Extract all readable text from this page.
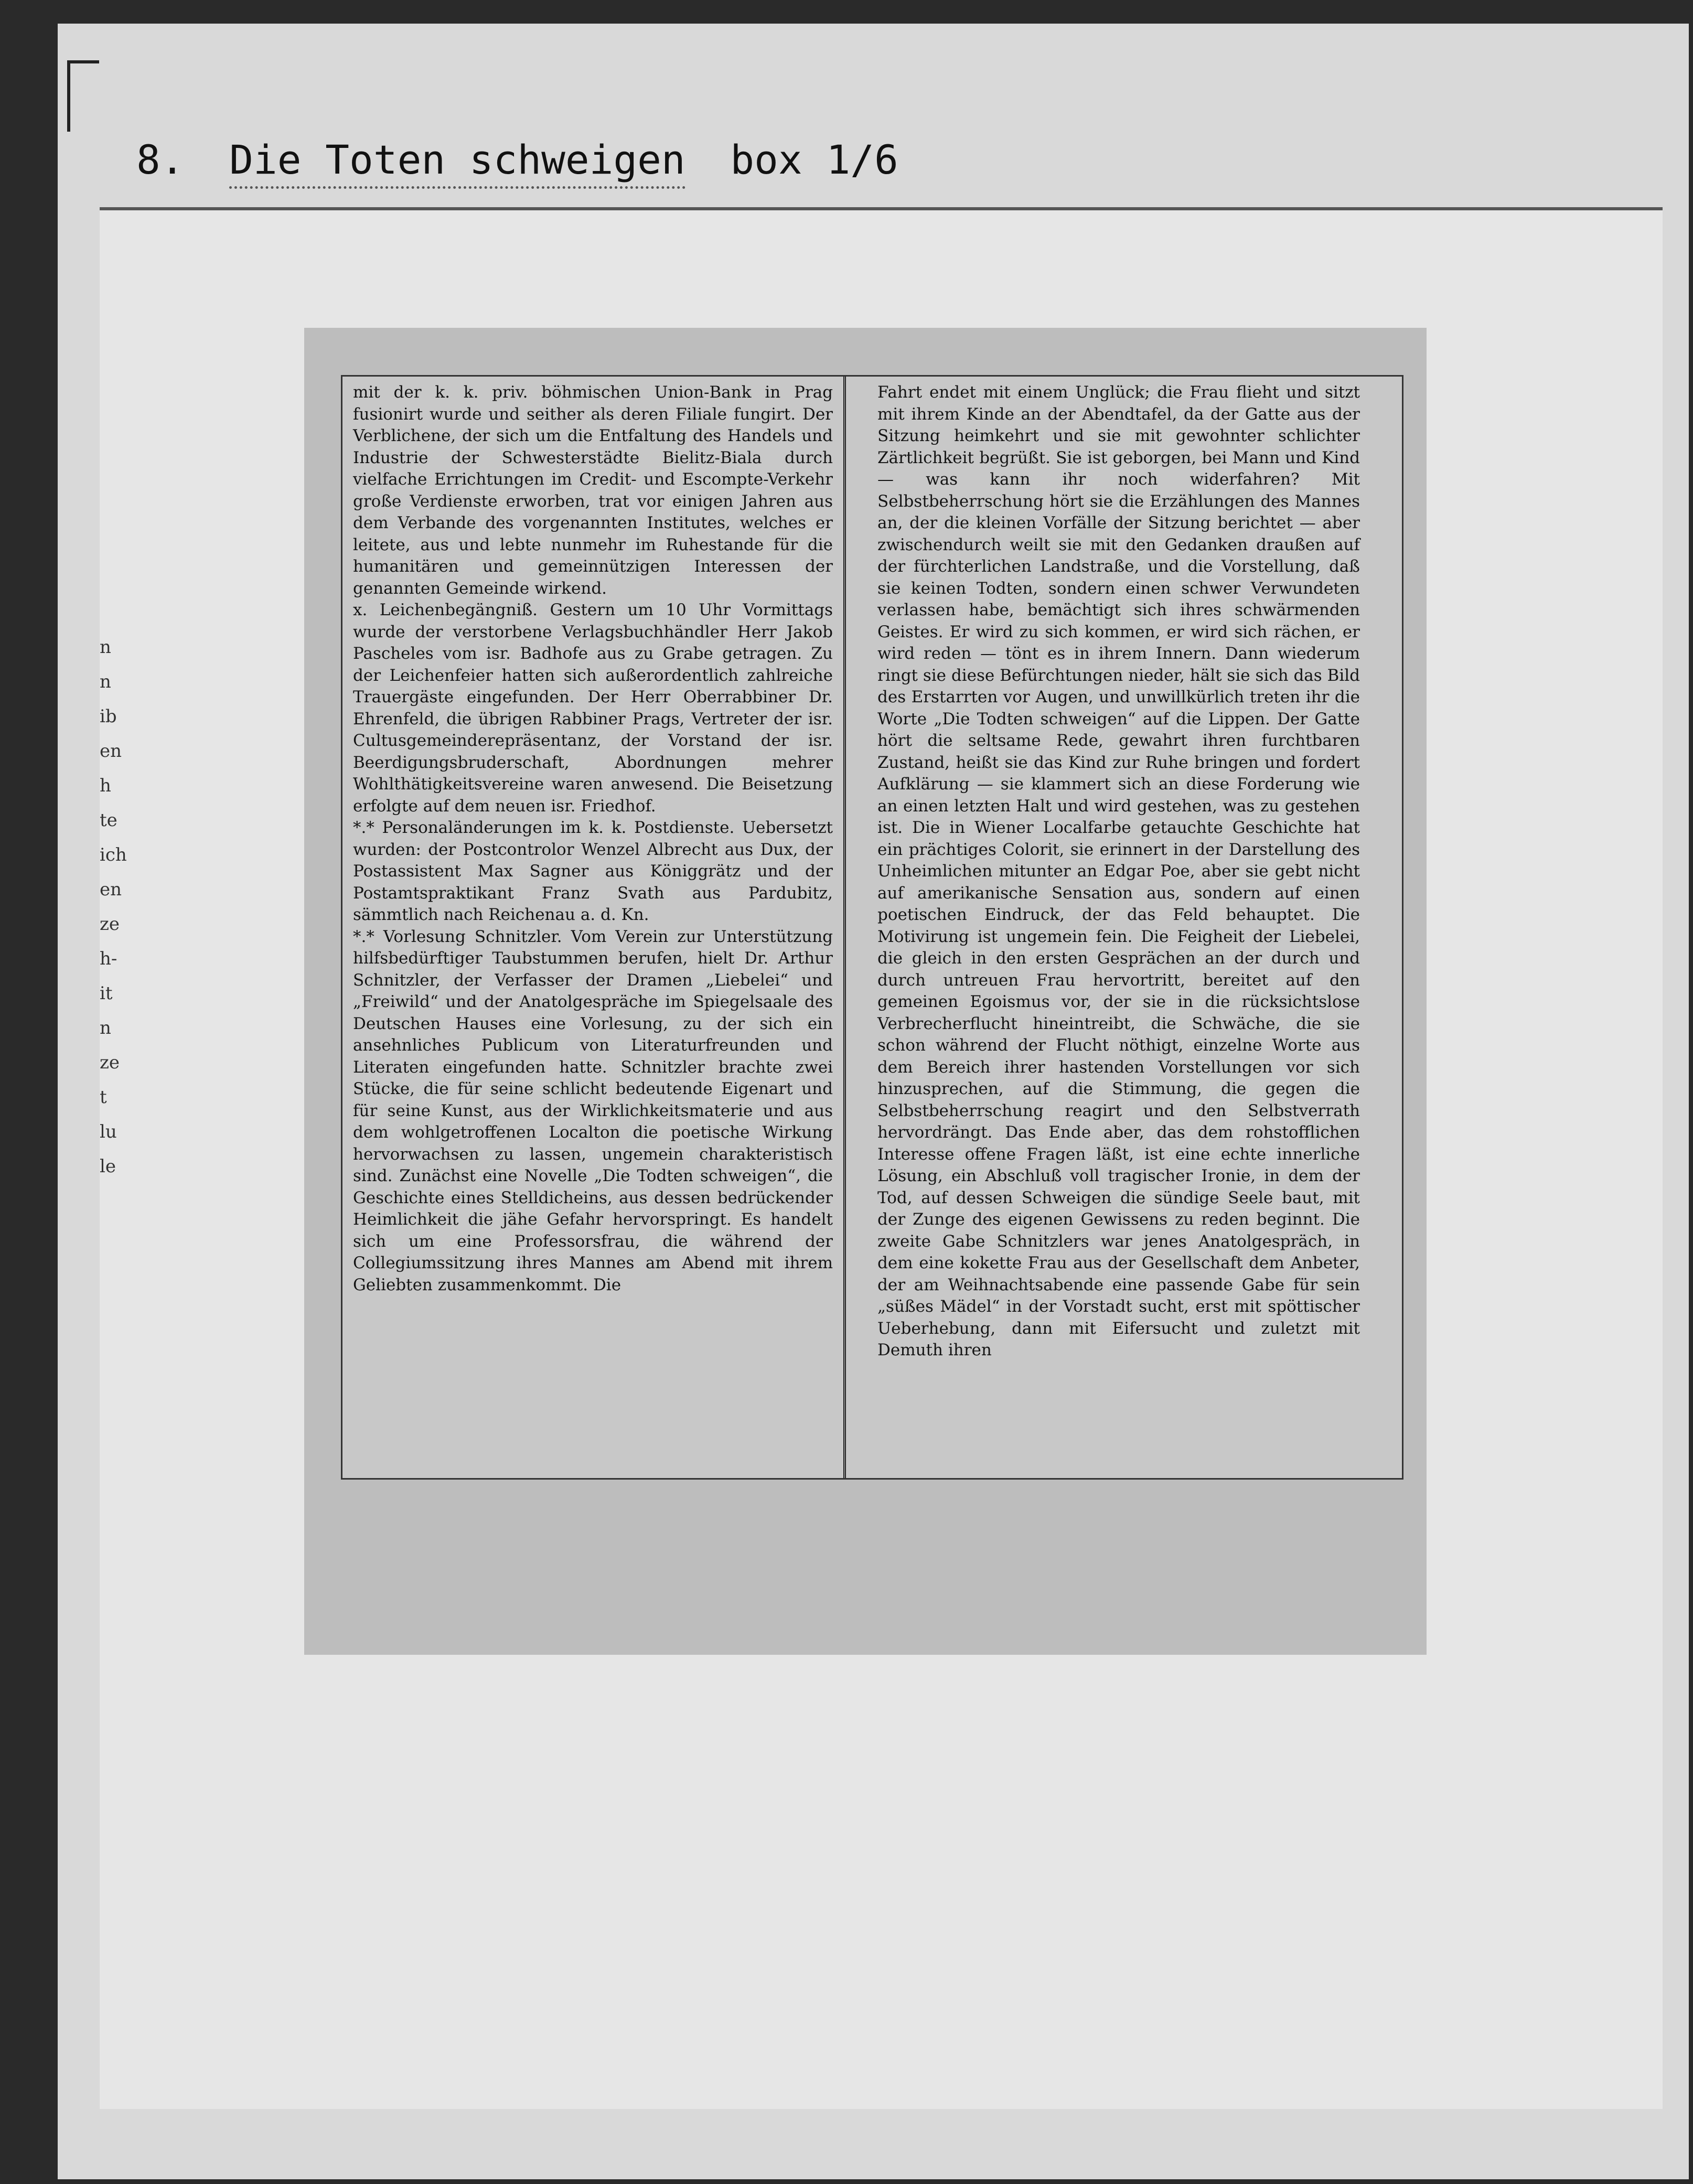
8. Die Toten schweigen box 1/6
n
n
ib
en
h
te
ich
en
ze
h-
it
n
ze
t
lu
le

mit der k. k. priv. böhmischen Union-Bank in Prag fusionirt wurde und seither als deren Filiale fungirt. Der Verblichene, der sich um die Entfaltung des Handels und Industrie der Schwesterstädte Bielitz-Biala durch vielfache Errichtungen im Credit- und Escompte-Verkehr große Verdienste erworben, trat vor einigen Jahren aus dem Verbande des vorgenannten Institutes, welches er leitete, aus und lebte nunmehr im Ruhestande für die humanitären und gemeinnützigen Interessen der genannten Gemeinde wirkend.

x. Leichenbegängniß. Gestern um 10 Uhr Vormittags wurde der verstorbene Verlagsbuchhändler Herr Jakob Pascheles vom isr. Badhofe aus zu Grabe getragen. Zu der Leichenfeier hatten sich außerordentlich zahlreiche Trauergäste eingefunden. Der Herr Oberrabbiner Dr. Ehrenfeld, die übrigen Rabbiner Prags, Vertreter der isr. Cultusgemeinderepräsentanz, der Vorstand der isr. Beerdigungsbruderschaft, Abordnungen mehrer Wohlthätigkeitsvereine waren anwesend. Die Beisetzung erfolgte auf dem neuen isr. Friedhof.

*.* Personaländerungen im k. k. Postdienste. Uebersetzt wurden: der Postcontrolor Wenzel Albrecht aus Dux, der Postassistent Max Sagner aus Königgrätz und der Postamtspraktikant Franz Svath aus Pardubitz, sämmtlich nach Reichenau a. d. Kn.

*.* Vorlesung Schnitzler. Vom Verein zur Unterstützung hilfsbedürftiger Taubstummen berufen, hielt Dr. Arthur Schnitzler, der Verfasser der Dramen „Liebelei“ und „Freiwild“ und der Anatolgespräche im Spiegelsaale des Deutschen Hauses eine Vorlesung, zu der sich ein ansehnliches Publicum von Literaturfreunden und Literaten eingefunden hatte. Schnitzler brachte zwei Stücke, die für seine schlicht bedeutende Eigenart und für seine Kunst, aus der Wirklichkeitsmaterie und aus dem wohlgetroffenen Localton die poetische Wirkung hervorwachsen zu lassen, ungemein charakteristisch sind. Zunächst eine Novelle „Die Todten schweigen“, die Geschichte eines Stelldicheins, aus dessen bedrückender Heimlichkeit die jähe Gefahr hervorspringt. Es handelt sich um eine Professorsfrau, die während der Collegiumssitzung ihres Mannes am Abend mit ihrem Geliebten zusammenkommt. Die

Fahrt endet mit einem Unglück; die Frau flieht und sitzt mit ihrem Kinde an der Abendtafel, da der Gatte aus der Sitzung heimkehrt und sie mit gewohnter schlichter Zärtlichkeit begrüßt. Sie ist geborgen, bei Mann und Kind — was kann ihr noch widerfahren? Mit Selbstbeherrschung hört sie die Erzählungen des Mannes an, der die kleinen Vorfälle der Sitzung berichtet — aber zwischendurch weilt sie mit den Gedanken draußen auf der fürchterlichen Landstraße, und die Vorstellung, daß sie keinen Todten, sondern einen schwer Verwundeten verlassen habe, bemächtigt sich ihres schwärmenden Geistes. Er wird zu sich kommen, er wird sich rächen, er wird reden — tönt es in ihrem Innern. Dann wiederum ringt sie diese Befürchtungen nieder, hält sie sich das Bild des Erstarrten vor Augen, und unwillkürlich treten ihr die Worte „Die Todten schweigen“ auf die Lippen. Der Gatte hört die seltsame Rede, gewahrt ihren furchtbaren Zustand, heißt sie das Kind zur Ruhe bringen und fordert Aufklärung — sie klammert sich an diese Forderung wie an einen letzten Halt und wird gestehen, was zu gestehen ist. Die in Wiener Localfarbe getauchte Geschichte hat ein prächtiges Colorit, sie erinnert in der Darstellung des Unheimlichen mitunter an Edgar Poe, aber sie gebt nicht auf amerikanische Sensation aus, sondern auf einen poetischen Eindruck, der das Feld behauptet. Die Motivirung ist ungemein fein. Die Feigheit der Liebelei, die gleich in den ersten Gesprächen an der durch und durch untreuen Frau hervortritt, bereitet auf den gemeinen Egoismus vor, der sie in die rücksichtslose Verbrecherflucht hineintreibt, die Schwäche, die sie schon während der Flucht nöthigt, einzelne Worte aus dem Bereich ihrer hastenden Vorstellungen vor sich hinzusprechen, auf die Stimmung, die gegen die Selbstbeherrschung reagirt und den Selbstverrath hervordrängt. Das Ende aber, das dem rohstofflichen Interesse offene Fragen läßt, ist eine echte innerliche Lösung, ein Abschluß voll tragischer Ironie, in dem der Tod, auf dessen Schweigen die sündige Seele baut, mit der Zunge des eigenen Gewissens zu reden beginnt. Die zweite Gabe Schnitzlers war jenes Anatolgespräch, in dem eine kokette Frau aus der Gesellschaft dem Anbeter, der am Weihnachtsabende eine passende Gabe für sein „süßes Mädel“ in der Vorstadt sucht, erst mit spöttischer Ueberhebung, dann mit Eifersucht und zuletzt mit Demuth ihren
